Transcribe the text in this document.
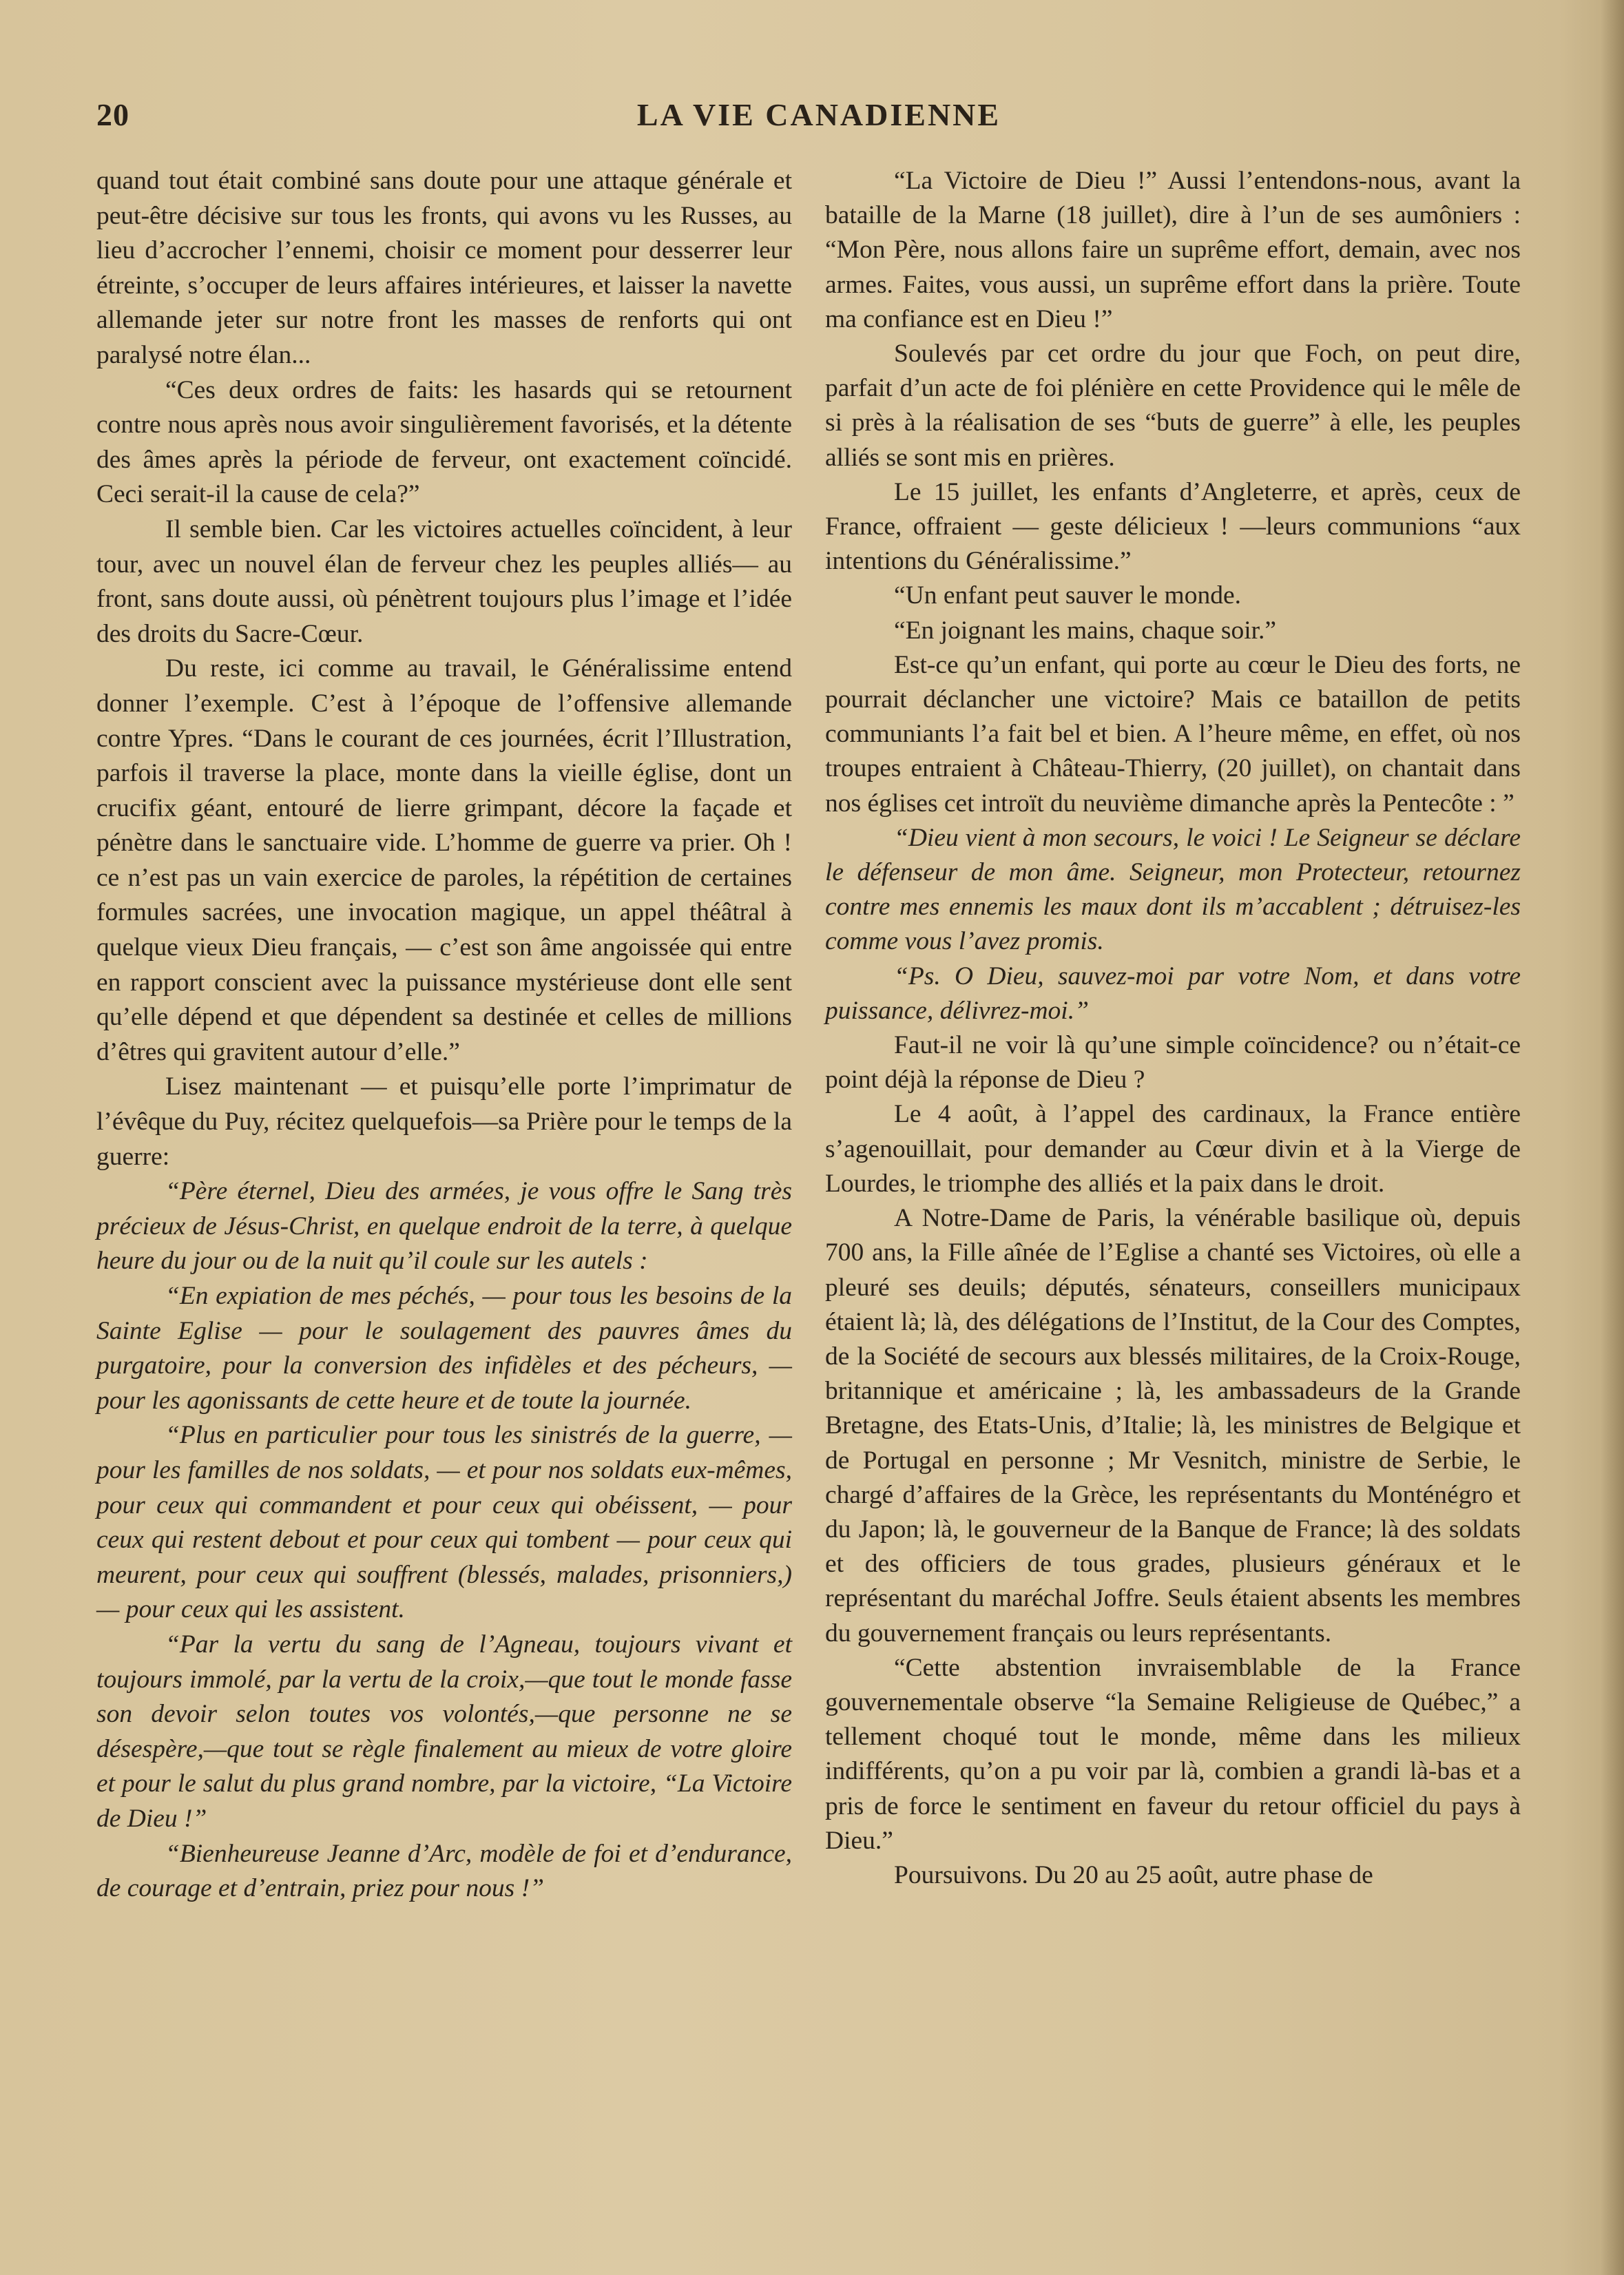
20	LA VIE CANADIENNE

quand tout était combiné sans doute pour une attaque générale et peut-être décisive sur tous les fronts, qui avons vu les Russes, au lieu d’accrocher l’ennemi, choisir ce moment pour desserrer leur étreinte, s’occuper de leurs affaires intérieures, et laisser la navette allemande jeter sur notre front les masses de renforts qui ont paralysé notre élan...

“Ces deux ordres de faits: les hasards qui se retournent contre nous après nous avoir singulièrement favorisés, et la détente des âmes après la période de ferveur, ont exactement coïncidé. Ceci serait-il la cause de cela?”

Il semble bien. Car les victoires actuelles coïncident, à leur tour, avec un nouvel élan de ferveur chez les peuples alliés— au front, sans doute aussi, où pénètrent toujours plus l’image et l’idée des droits du Sacre-Cœur.

Du reste, ici comme au travail, le Généralissime entend donner l’exemple. C’est à l’époque de l’offensive allemande contre Ypres. “Dans le courant de ces journées, écrit l’Illustration, parfois il traverse la place, monte dans la vieille église, dont un crucifix géant, entouré de lierre grimpant, décore la façade et pénètre dans le sanctuaire vide. L’homme de guerre va prier. Oh ! ce n’est pas un vain exercice de paroles, la répétition de certaines formules sacrées, une invocation magique, un appel théâtral à quelque vieux Dieu français, — c’est son âme angoissée qui entre en rapport conscient avec la puissance mystérieuse dont elle sent qu’elle dépend et que dépendent sa destinée et celles de millions d’êtres qui gravitent autour d’elle.”

Lisez maintenant — et puisqu’elle porte l’imprimatur de l’évêque du Puy, récitez quelquefois—sa Prière pour le temps de la guerre:

“Père éternel, Dieu des armées, je vous offre le Sang très précieux de Jésus-Christ, en quelque endroit de la terre, à quelque heure du jour ou de la nuit qu’il coule sur les autels :

“En expiation de mes péchés, — pour tous les besoins de la Sainte Eglise — pour le soulagement des pauvres âmes du purgatoire, pour la conversion des infidèles et des pécheurs, — pour les agonissants de cette heure et de toute la journée.

“Plus en particulier pour tous les sinistrés de la guerre, — pour les familles de nos soldats, — et pour nos soldats eux-mêmes, pour ceux qui commandent et pour ceux qui obéissent, — pour ceux qui restent debout et pour ceux qui tombent — pour ceux qui meurent, pour ceux qui souffrent (blessés, malades, prisonniers,) — pour ceux qui les assistent.

“Par la vertu du sang de l’Agneau, toujours vivant et toujours immolé, par la vertu de la croix,—que tout le monde fasse son devoir selon toutes vos volontés,—que personne ne se désespère,—que tout se règle finalement au mieux de votre gloire et pour le salut du plus grand nombre, par la victoire, “La Victoire de Dieu !”

“Bienheureuse Jeanne d’Arc, modèle de foi et d’endurance, de courage et d’entrain, priez pour nous !”

“La Victoire de Dieu !” Aussi l’entendons-nous, avant la bataille de la Marne (18 juillet), dire à l’un de ses aumôniers : “Mon Père, nous allons faire un suprême effort, demain, avec nos armes. Faites, vous aussi, un suprême effort dans la prière. Toute ma confiance est en Dieu !”

Soulevés par cet ordre du jour que Foch, on peut dire, parfait d’un acte de foi plénière en cette Providence qui le mêle de si près à la réalisation de ses “buts de guerre” à elle, les peuples alliés se sont mis en prières.

Le 15 juillet, les enfants d’Angleterre, et après, ceux de France, offraient — geste délicieux ! —leurs communions “aux intentions du Généralissime.”

“Un enfant peut sauver le monde.

“En joignant les mains, chaque soir.”

Est-ce qu’un enfant, qui porte au cœur le Dieu des forts, ne pourrait déclancher une victoire? Mais ce bataillon de petits communiants l’a fait bel et bien. A l’heure même, en effet, où nos troupes entraient à Château-Thierry, (20 juillet), on chantait dans nos églises cet introït du neuvième dimanche après la Pentecôte : ”

“Dieu vient à mon secours, le voici ! Le Seigneur se déclare le défenseur de mon âme. Seigneur, mon Protecteur, retournez contre mes ennemis les maux dont ils m’accablent ; détruisez-les comme vous l’avez promis.

“Ps. O Dieu, sauvez-moi par votre Nom, et dans votre puissance, délivrez-moi.”

Faut-il ne voir là qu’une simple coïncidence? ou n’était-ce point déjà la réponse de Dieu ?

Le 4 août, à l’appel des cardinaux, la France entière s’agenouillait, pour demander au Cœur divin et à la Vierge de Lourdes, le triomphe des alliés et la paix dans le droit.

A Notre-Dame de Paris, la vénérable basilique où, depuis 700 ans, la Fille aînée de l’Eglise a chanté ses Victoires, où elle a pleuré ses deuils; députés, sénateurs, conseillers municipaux étaient là; là, des délégations de l’Institut, de la Cour des Comptes, de la Société de secours aux blessés militaires, de la Croix-Rouge, britannique et américaine ; là, les ambassadeurs de la Grande Bretagne, des Etats-Unis, d’Italie; là, les ministres de Belgique et de Portugal en personne ; Mr Vesnitch, ministre de Serbie, le chargé d’affaires de la Grèce, les représentants du Monténégro et du Japon; là, le gouverneur de la Banque de France; là des soldats et des officiers de tous grades, plusieurs généraux et le représentant du maréchal Joffre. Seuls étaient absents les membres du gouvernement français ou leurs représentants.

“Cette abstention invraisemblable de la France gouvernementale observe “la Semaine Religieuse de Québec,” a tellement choqué tout le monde, même dans les milieux indifférents, qu’on a pu voir par là, combien a grandi là-bas et a pris de force le sentiment en faveur du retour officiel du pays à Dieu.”

Poursuivons. Du 20 au 25 août, autre phase de
